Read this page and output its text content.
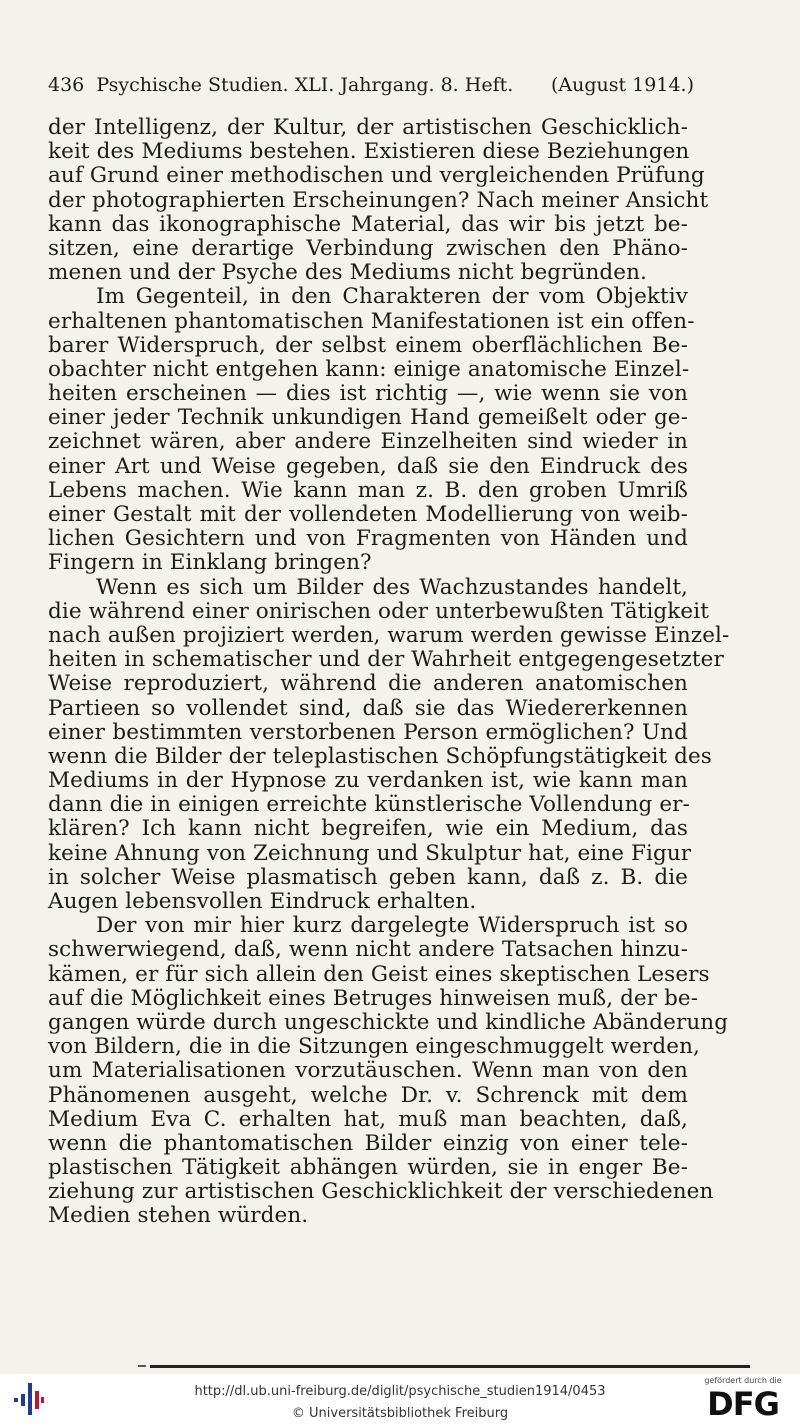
436 Psychische Studien. XLI. Jahrgang. 8. Heft. (August 1914.)
der Intelligenz, der Kultur, der artistischen Geschicklich-
keit des Mediums bestehen. Existieren diese Beziehungen
auf Grund einer methodischen und vergleichenden Prüfung
der photographierten Erscheinungen? Nach meiner Ansicht
kann das ikonographische Material, das wir bis jetzt be-
sitzen, eine derartige Verbindung zwischen den Phäno-
menen und der Psyche des Mediums nicht begründen.
Im Gegenteil, in den Charakteren der vom Objektiv
erhaltenen phantomatischen Manifestationen ist ein offen-
barer Widerspruch, der selbst einem oberflächlichen Be-
obachter nicht entgehen kann: einige anatomische Einzel-
heiten erscheinen — dies ist richtig —, wie wenn sie von
einer jeder Technik unkundigen Hand gemeißelt oder ge-
zeichnet wären, aber andere Einzelheiten sind wieder in
einer Art und Weise gegeben, daß sie den Eindruck des
Lebens machen. Wie kann man z. B. den groben Umriß
einer Gestalt mit der vollendeten Modellierung von weib-
lichen Gesichtern und von Fragmenten von Händen und
Fingern in Einklang bringen?
Wenn es sich um Bilder des Wachzustandes handelt,
die während einer onirischen oder unterbewußten Tätigkeit
nach außen projiziert werden, warum werden gewisse Einzel-
heiten in schematischer und der Wahrheit entgegengesetzter
Weise reproduziert, während die anderen anatomischen
Partieen so vollendet sind, daß sie das Wiedererkennen
einer bestimmten verstorbenen Person ermöglichen? Und
wenn die Bilder der teleplastischen Schöpfungstätigkeit des
Mediums in der Hypnose zu verdanken ist, wie kann man
dann die in einigen erreichte künstlerische Vollendung er-
klären? Ich kann nicht begreifen, wie ein Medium, das
keine Ahnung von Zeichnung und Skulptur hat, eine Figur
in solcher Weise plasmatisch geben kann, daß z. B. die
Augen lebensvollen Eindruck erhalten.
Der von mir hier kurz dargelegte Widerspruch ist so
schwerwiegend, daß, wenn nicht andere Tatsachen hinzu-
kämen, er für sich allein den Geist eines skeptischen Lesers
auf die Möglichkeit eines Betruges hinweisen muß, der be-
gangen würde durch ungeschickte und kindliche Abänderung
von Bildern, die in die Sitzungen eingeschmuggelt werden,
um Materialisationen vorzutäuschen. Wenn man von den
Phänomenen ausgeht, welche Dr. v. Schrenck mit dem
Medium Eva C. erhalten hat, muß man beachten, daß,
wenn die phantomatischen Bilder einzig von einer tele-
plastischen Tätigkeit abhängen würden, sie in enger Be-
ziehung zur artistischen Geschicklichkeit der verschiedenen
Medien stehen würden.
http://dl.ub.uni-freiburg.de/diglit/psychische_studien1914/0453
© Universitätsbibliothek Freiburg
gefördert durch die
DFG
